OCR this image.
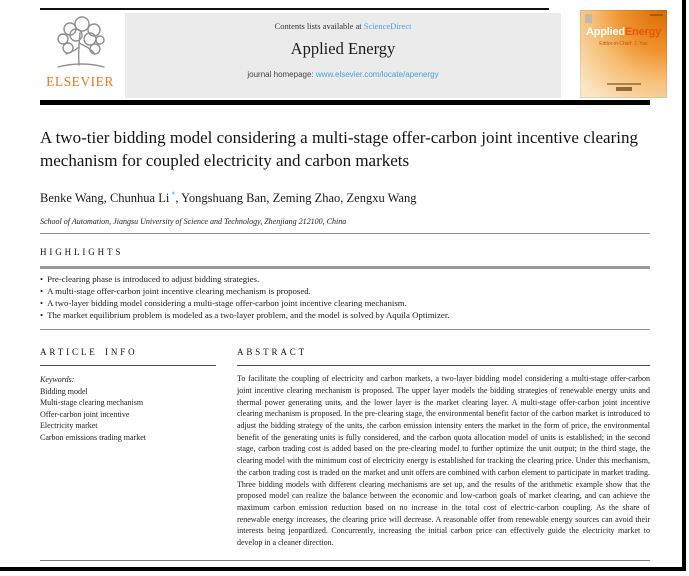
ELSEVIER
Contents lists available at ScienceDirect
Applied Energy
journal homepage: www.elsevier.com/locate/apenergy
AppliedEnergy
Editor-in-Chief: J. Yan
A two-tier bidding model considering a multi-stage offer-carbon joint incentive clearing mechanism for coupled electricity and carbon markets
Benke Wang, Chunhua Li *, Yongshuang Ban, Zeming Zhao, Zengxu Wang
School of Automation, Jiangsu University of Science and Technology, Zhenjiang 212100, China
HIGHLIGHTS
• Pre-clearing phase is introduced to adjust bidding strategies.
• A multi-stage offer-carbon joint incentive clearing mechanism is proposed.
• A two-layer bidding model considering a multi-stage offer-carbon joint incentive clearing mechanism.
• The market equilibrium problem is modeled as a two-layer problem, and the model is solved by Aquila Optimizer.
ARTICLE INFO
Keywords:
Bidding model
Multi-stage clearing mechanism
Offer-carbon joint incentive
Electricity market
Carbon emissions trading market
ABSTRACT

To facilitate the coupling of electricity and carbon markets, a two-layer bidding model considering a multi-stage offer-carbon joint incentive clearing mechanism is proposed. The upper layer models the bidding strategies of renewable energy units and thermal power generating units, and the lower layer is the market clearing layer. A multi-stage offer-carbon joint incentive clearing mechanism is proposed. In the pre-clearing stage, the environmental benefit factor of the carbon market is introduced to adjust the bidding strategy of the units, the carbon emission intensity enters the market in the form of price, the environmental benefit of the generating units is fully considered, and the carbon quota allocation model of units is established; in the second stage, carbon trading cost is added based on the pre-clearing model to further optimize the unit output; in the third stage, the clearing model with the minimum cost of electricity energy is established for tracking the clearing price. Under this mechanism, the carbon trading cost is traded on the market and unit offers are combined with carbon element to participate in market trading. Three bidding models with different clearing mechanisms are set up, and the results of the arithmetic example show that the proposed model can realize the balance between the economic and low-carbon goals of market clearing, and can achieve the maximum carbon emission reduction based on no increase in the total cost of electric-carbon coupling. As the share of renewable energy increases, the clearing price will decrease. A reasonable offer from renewable energy sources can avoid their interests being jeopardized. Concurrently, increasing the initial carbon price can effectively guide the electricity market to develop in a cleaner direction.
